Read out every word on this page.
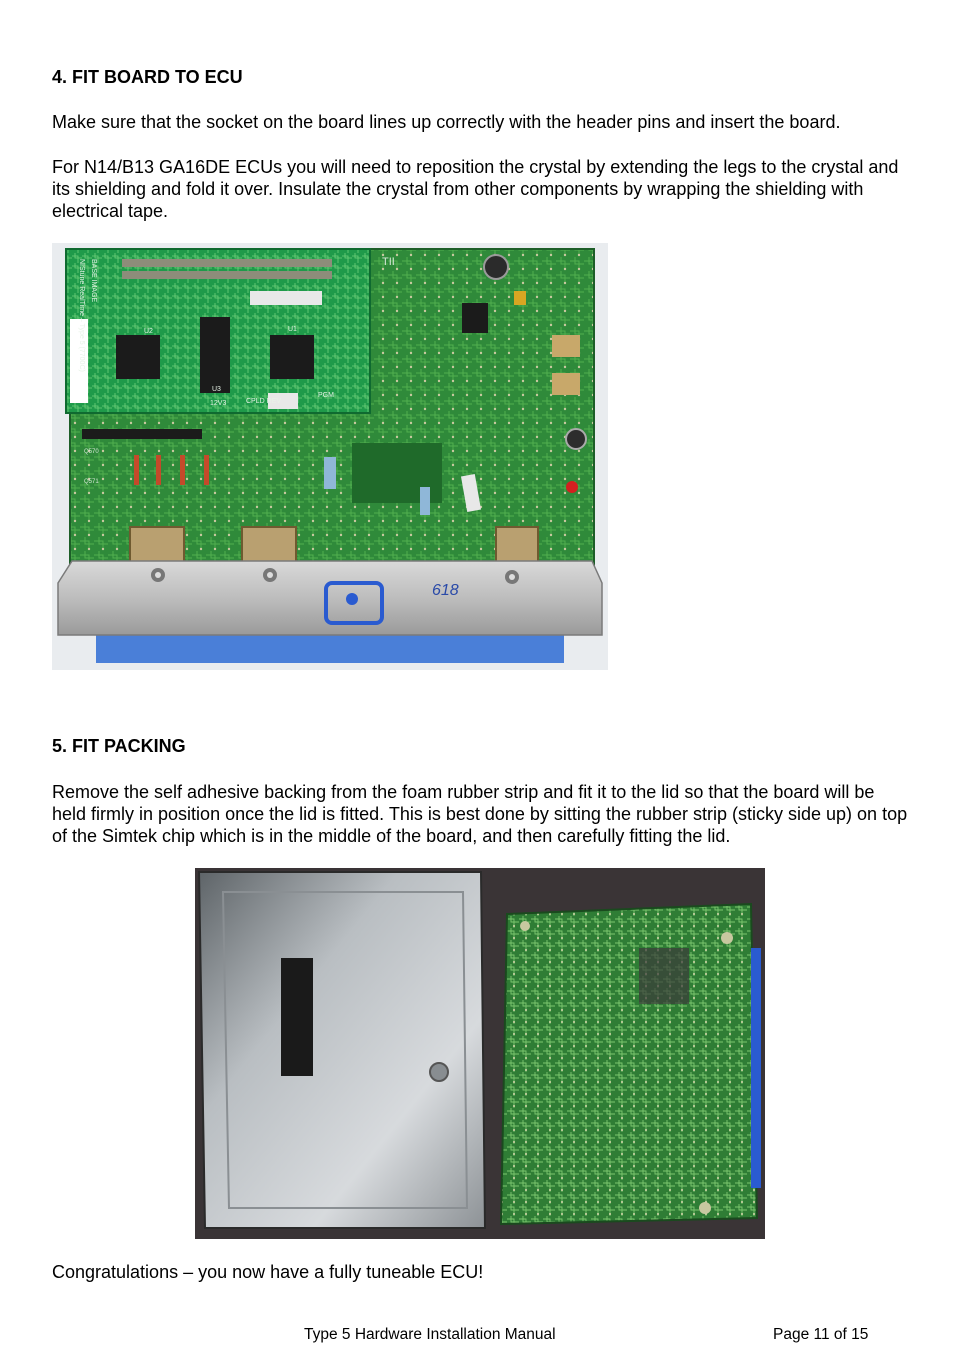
4. FIT BOARD TO ECU

Make sure that the socket on the board lines up correctly with the header pins and insert the board.

For N14/B13 GA16DE ECUs you will need to reposition the crystal by extending the legs to the crystal and its shielding and fold it over. Insulate the crystal from other components by wrapping the shielding with electrical tape.

NIStune RealTime – Type 5 (7700C) BASE IMAGE
U2
U3
U1
CPLD REV
PGM
12V3
TII
Q570
Q571
618
5. FIT PACKING

Remove the self adhesive backing from the foam rubber strip and fit it to the lid so that the board will be held firmly in position once the lid is fitted. This is best done by sitting the rubber strip (sticky side up) on top of the Simtek chip which is in the middle of the board, and then carefully fitting the lid.

Congratulations – you now have a fully tuneable ECU!

Type 5 Hardware Installation Manual	Page 11 of 15
